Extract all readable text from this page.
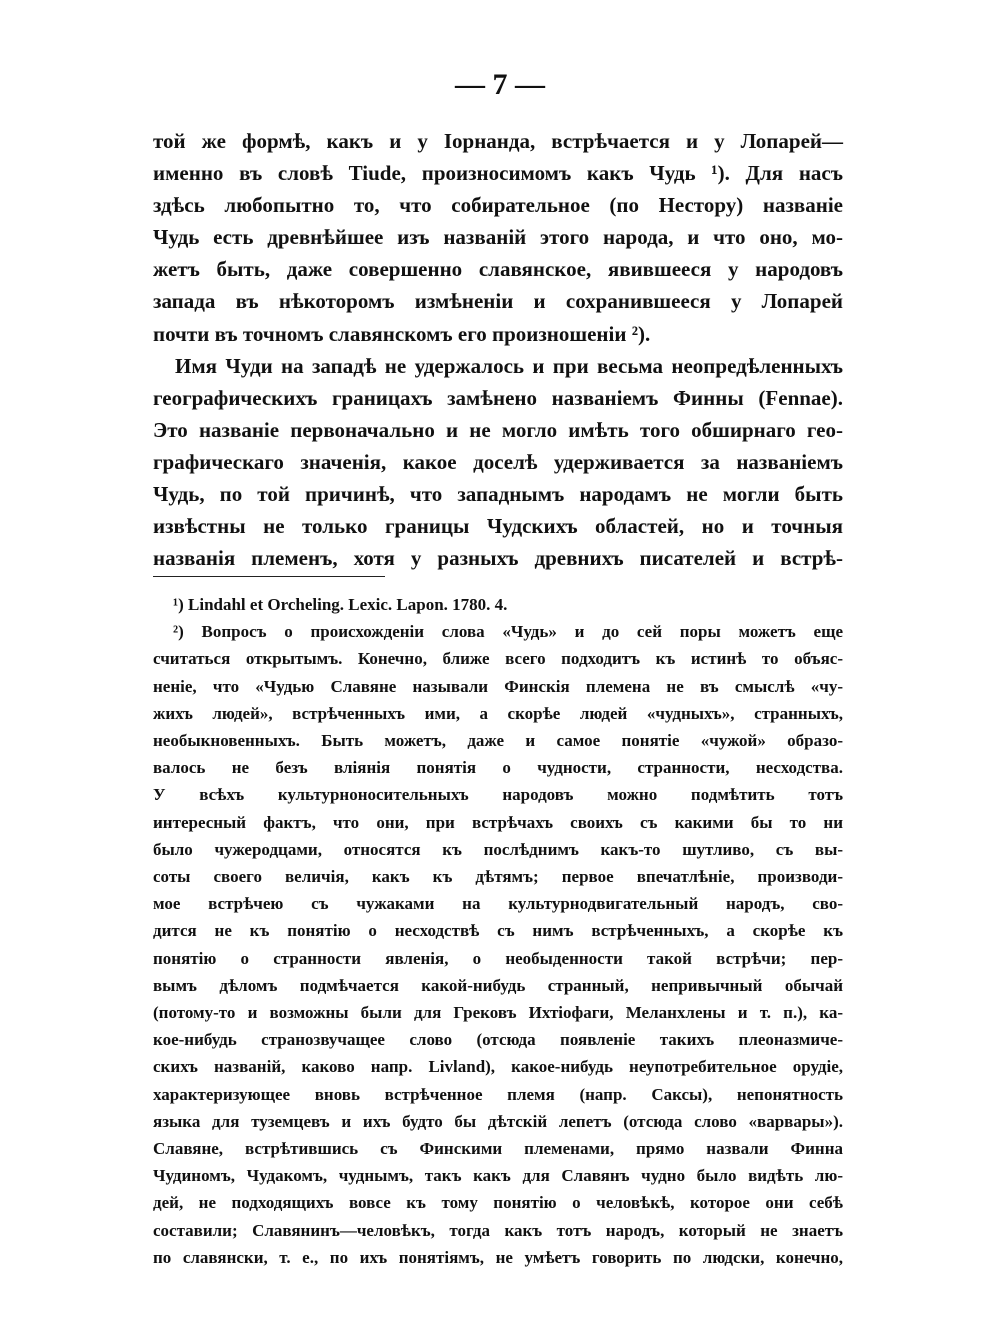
— 7 —
той же формѣ, какъ и у Іорнанда, встрѣчается и у Лопарей—
именно въ словѣ Tiude, произносимомъ какъ Чудь ¹). Для насъ
здѣсь любопытно то, что собирательное (по Нестору) названіе
Чудь есть древнѣйшее изъ названій этого народа, и что оно, мо-
жетъ быть, даже совершенно славянское, явившееся у народовъ
запада въ нѣкоторомъ измѣненіи и сохранившееся у Лопарей
почти въ точномъ славянскомъ его произношеніи ²).
Имя Чуди на западѣ не удержалось и при весьма неопредѣленныхъ
географическихъ границахъ замѣнено названіемъ Финны (Fennae).
Это названіе первоначально и не могло имѣть того обширнаго гео-
графическаго значенія, какое доселѣ удерживается за названіемъ
Чудь, по той причинѣ, что западнымъ народамъ не могли быть
извѣстны не только границы Чудскихъ областей, но и точныя
названія племенъ, хотя у разныхъ древнихъ писателей и встрѣ-
¹) Lindahl et Orcheling. Lexic. Lapon. 1780. 4.
²) Вопросъ о происхожденіи слова «Чудь» и до сей поры можетъ еще
считаться открытымъ. Конечно, ближе всего подходитъ къ истинѣ то объяс-
неніе, что «Чудью Славяне называли Финскія племена не въ смыслѣ «чу-
жихъ людей», встрѣченныхъ ими, а скорѣе людей «чудныхъ», странныхъ,
необыкновенныхъ. Быть можетъ, даже и самое понятіе «чужой» образо-
валось не безъ вліянія понятія о чудности, странности, несходства.
У всѣхъ культурноносительныхъ народовъ можно подмѣтить тотъ
интересный фактъ, что они, при встрѣчахъ своихъ съ какими бы то ни
было чужеродцами, относятся къ послѣднимъ какъ-то шутливо, съ вы-
соты своего величія, какъ къ дѣтямъ; первое впечатлѣніе, производи-
мое встрѣчею съ чужаками на культурнодвигательный народъ, сво-
дится не къ понятію о несходствѣ съ нимъ встрѣченныхъ, а скорѣе къ
понятію о странности явленія, о необыденности такой встрѣчи; пер-
вымъ дѣломъ подмѣчается какой-нибудь странный, непривычный обычай
(потому-то и возможны были для Грековъ Ихтіофаги, Меланхлены и т. п.), ка-
кое-нибудь странозвучащее слово (отсюда появленіе такихъ плеоназмиче-
скихъ названій, каково напр. Livland), какое-нибудь неупотребительное орудіе,
характеризующее вновь встрѣченное племя (напр. Саксы), непонятность
языка для туземцевъ и ихъ будто бы дѣтскій лепетъ (отсюда слово «варвары»).
Славяне, встрѣтившись съ Финскими племенами, прямо назвали Финна
Чудиномъ, Чудакомъ, чуднымъ, такъ какъ для Славянъ чудно было видѣть лю-
дей, не подходящихъ вовсе къ тому понятію о человѣкѣ, которое они себѣ
составили; Славянинъ—человѣкъ, тогда какъ тотъ народъ, который не знаетъ
по славянски, т. е., по ихъ понятіямъ, не умѣетъ говорить по людски, конечно,
